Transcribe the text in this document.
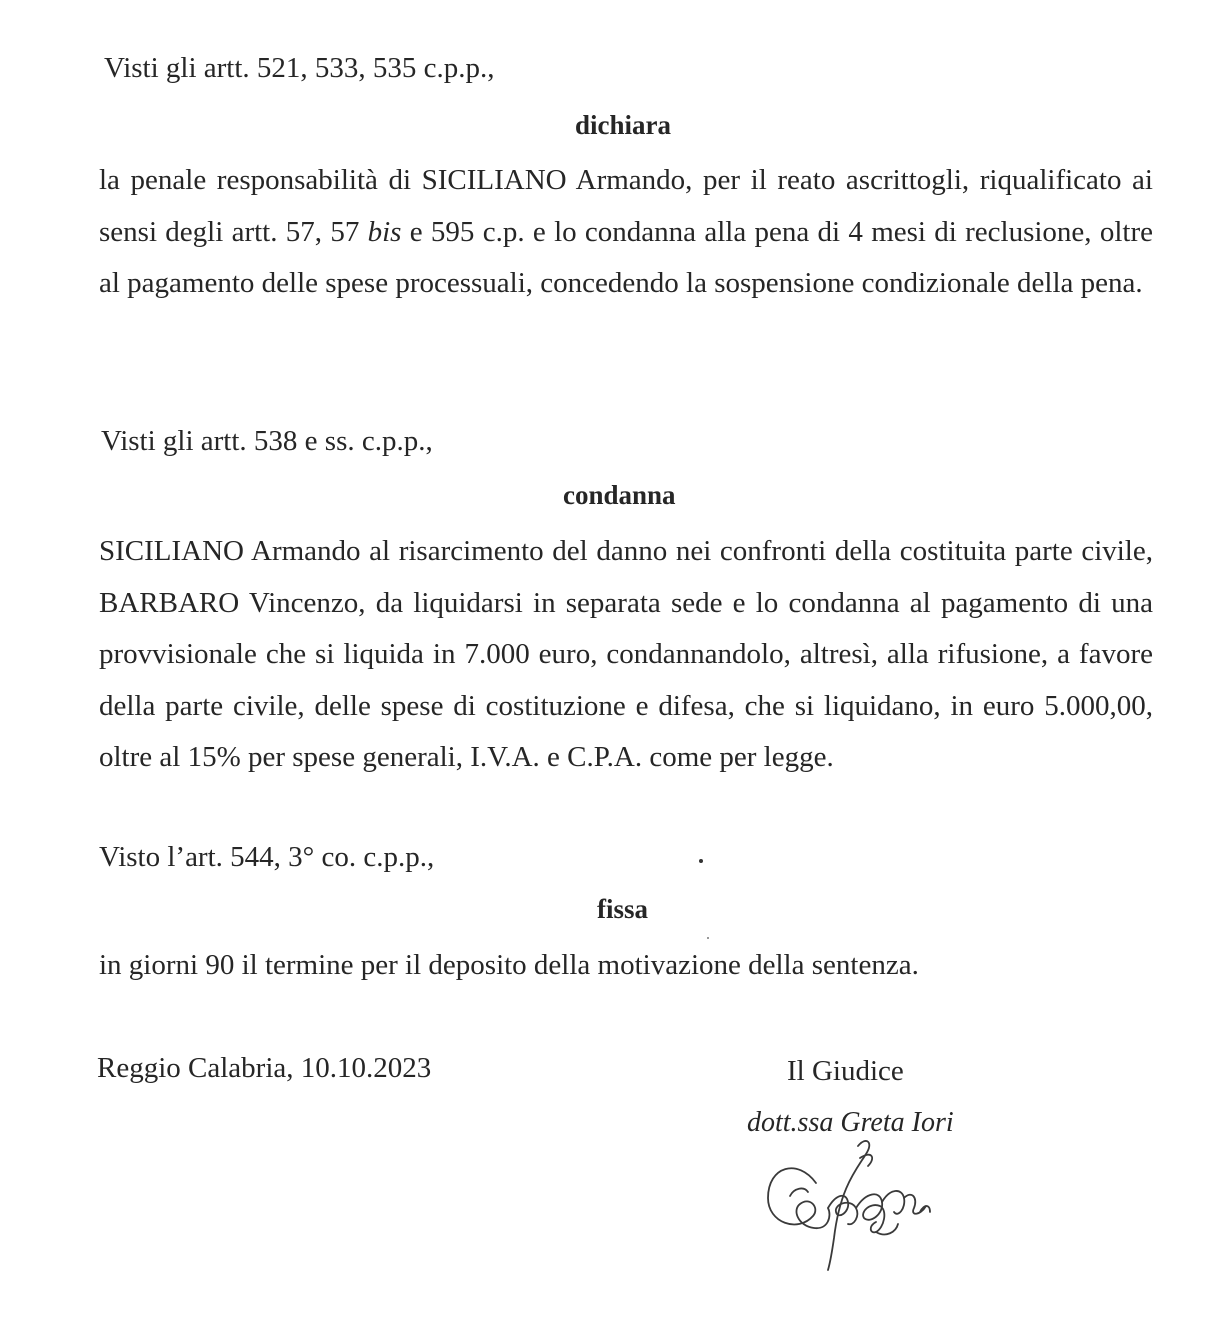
Visti gli artt. 521, 533, 535 c.p.p.,
dichiara

la penale responsabilità di SICILIANO Armando, per il reato ascrittogli, riqualificato ai sensi degli artt. 57, 57 bis e 595 c.p. e lo condanna alla pena di 4 mesi di reclusione, oltre al pagamento delle spese processuali, concedendo la sospensione condizionale della pena.

Visti gli artt. 538 e ss. c.p.p.,
condanna

SICILIANO Armando al risarcimento del danno nei confronti della costituita parte civile, BARBARO Vincenzo, da liquidarsi in separata sede e lo condanna al pagamento di una provvisionale che si liquida in 7.000 euro, condannandolo, altresì, alla rifusione, a favore della parte civile, delle spese di costituzione e difesa, che si liquidano, in euro 5.000,00, oltre al 15% per spese generali, I.V.A. e C.P.A. come per legge.

Visto l’art. 544, 3° co. c.p.p.,
fissa
in giorni 90 il termine per il deposito della motivazione della sentenza.
Reggio Calabria, 10.10.2023	Il Giudice
dott.ssa Greta Iori
